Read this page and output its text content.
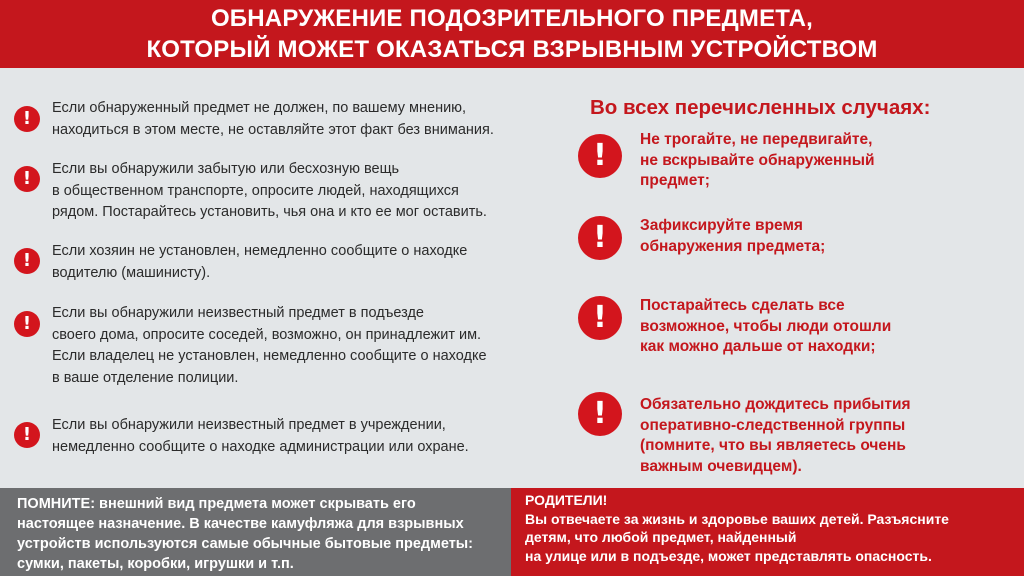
ОБНАРУЖЕНИЕ ПОДОЗРИТЕЛЬНОГО ПРЕДМЕТА,
КОТОРЫЙ МОЖЕТ ОКАЗАТЬСЯ ВЗРЫВНЫМ УСТРОЙСТВОМ
!	Если обнаруженный предмет не должен, по вашему мнению,
находиться в этом месте, не оставляйте этот факт без внимания.
!	Если вы обнаружили забытую или бесхозную вещь
в общественном транспорте, опросите людей, находящихся
рядом. Постарайтесь установить, чья она и кто ее мог оставить.
!	Если хозяин не установлен, немедленно сообщите о находке
водителю (машинисту).
!	Если вы обнаружили неизвестный предмет в подъезде
своего дома, опросите соседей, возможно, он принадлежит им.
Если владелец не установлен, немедленно сообщите о находке
в ваше отделение полиции.
!	Если вы обнаружили неизвестный предмет в учреждении,
немедленно сообщите о находке администрации или охране.
Во всех перечисленных случаях:
!	Не трогайте, не передвигайте,
не вскрывайте обнаруженный
предмет;
!	Зафиксируйте время
обнаружения предмета;
!	Постарайтесь сделать все
возможное, чтобы люди отошли
как можно дальше от находки;
!	Обязательно дождитесь прибытия
оперативно-следственной группы
(помните, что вы являетесь очень
важным очевидцем).
ПОМНИТЕ: внешний вид предмета может скрывать его
настоящее назначение. В качестве камуфляжа для взрывных
устройств используются самые обычные бытовые предметы:
сумки, пакеты, коробки, игрушки и т.п.
РОДИТЕЛИ!
Вы отвечаете за жизнь и здоровье ваших детей. Разъясните
детям, что любой предмет, найденный
на улице или в подъезде, может представлять опасность.
